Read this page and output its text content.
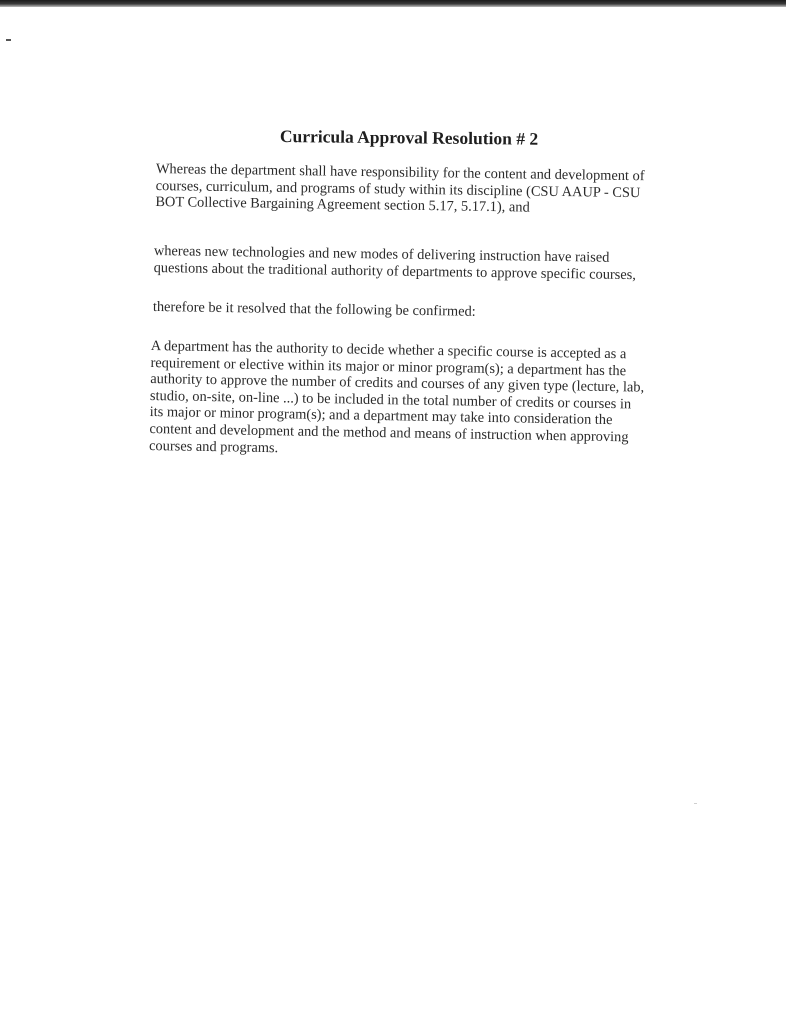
Curricula Approval Resolution # 2

Whereas the department shall have responsibility for the content and development of
courses, curriculum, and programs of study within its discipline (CSU AAUP - CSU
BOT Collective Bargaining Agreement section 5.17, 5.17.1), and

whereas new technologies and new modes of delivering instruction have raised
questions about the traditional authority of departments to approve specific courses,

therefore be it resolved that the following be confirmed:

A department has the authority to decide whether a specific course is accepted as a
requirement or elective within its major or minor program(s); a department has the
authority to approve the number of credits and courses of any given type (lecture, lab,
studio, on-site, on-line ...) to be included in the total number of credits or courses in
its major or minor program(s); and a department may take into consideration the
content and development and the method and means of instruction when approving
courses and programs.
